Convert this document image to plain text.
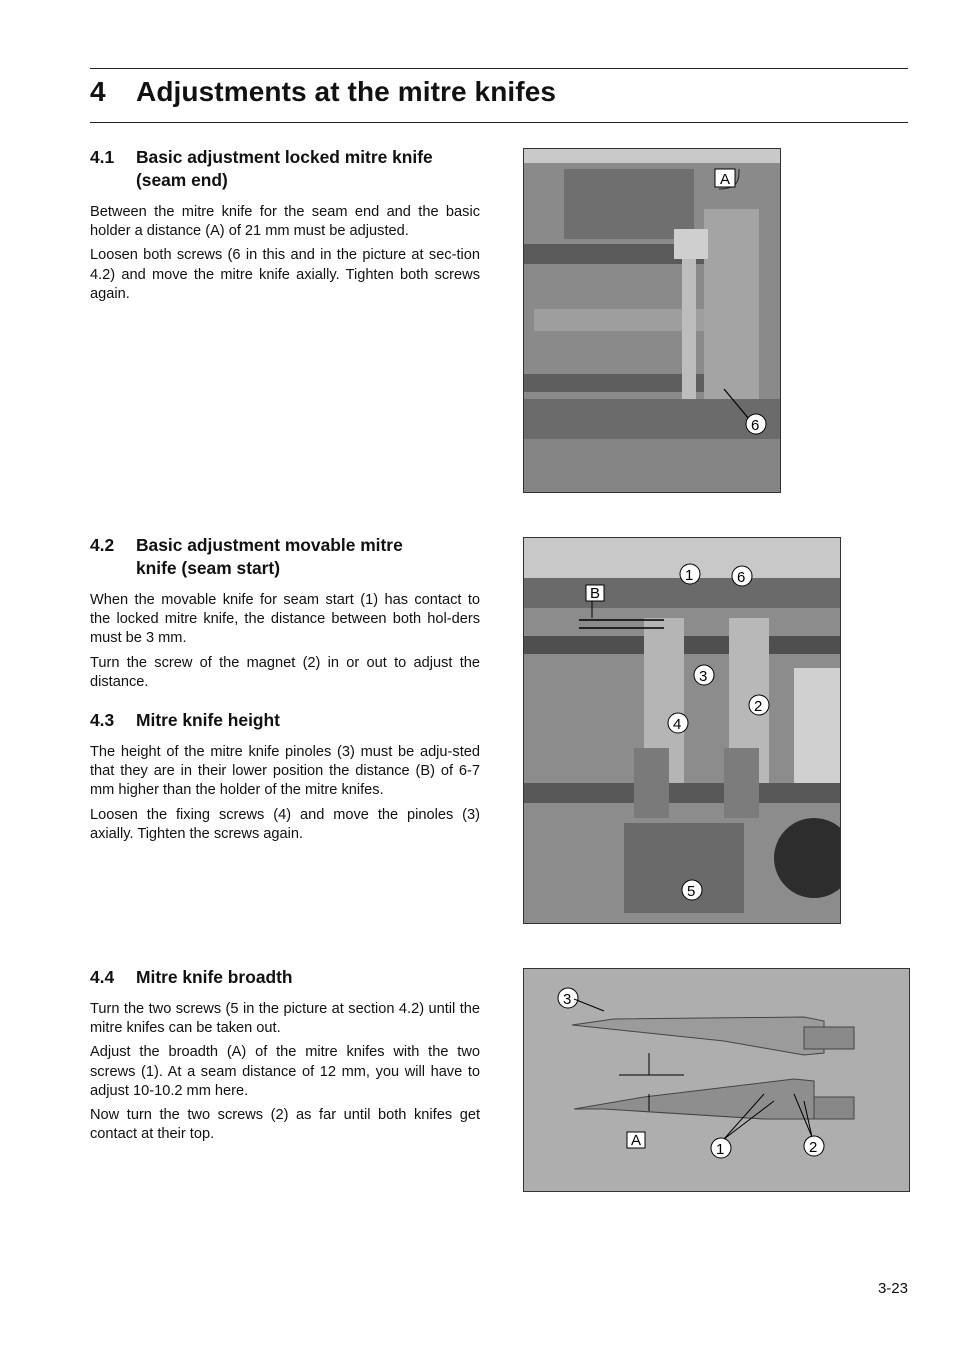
4 Adjustments at the mitre knifes
4.1	Basic adjustment locked mitre knife
(seam end)

Between the mitre knife for the seam end and the basic holder a distance (A) of 21 mm must be adjusted.

Loosen both screws (6 in this and in the picture at sec-tion 4.2) and move the mitre knife axially. Tighten both screws again.

4.2	Basic adjustment movable mitre
knife (seam start)

When the movable knife for seam start (1) has contact to the locked mitre knife, the distance between both hol-ders must be 3 mm.

Turn the screw of the magnet (2) in or out to adjust the distance.

4.3	Mitre knife height

The height of the mitre knife pinoles (3) must be adju-sted that they are in their lower position the distance (B) of 6-7 mm higher than the holder of the mitre knifes.

Loosen the fixing screws (4) and move the pinoles (3) axially. Tighten the screws again.

4.4	Mitre knife broadth

Turn the two screws (5 in the picture at section 4.2) until the mitre knifes can be taken out.

Adjust the broadth (A) of the mitre knifes with the two screws (1). At a seam distance of 12 mm, you will have to adjust 10-10.2 mm here.

Now turn the two screws (2) as far until both knifes get contact at their top.

A
6
B
1	6
3
2
4
5
3
A
1	2
3-23
